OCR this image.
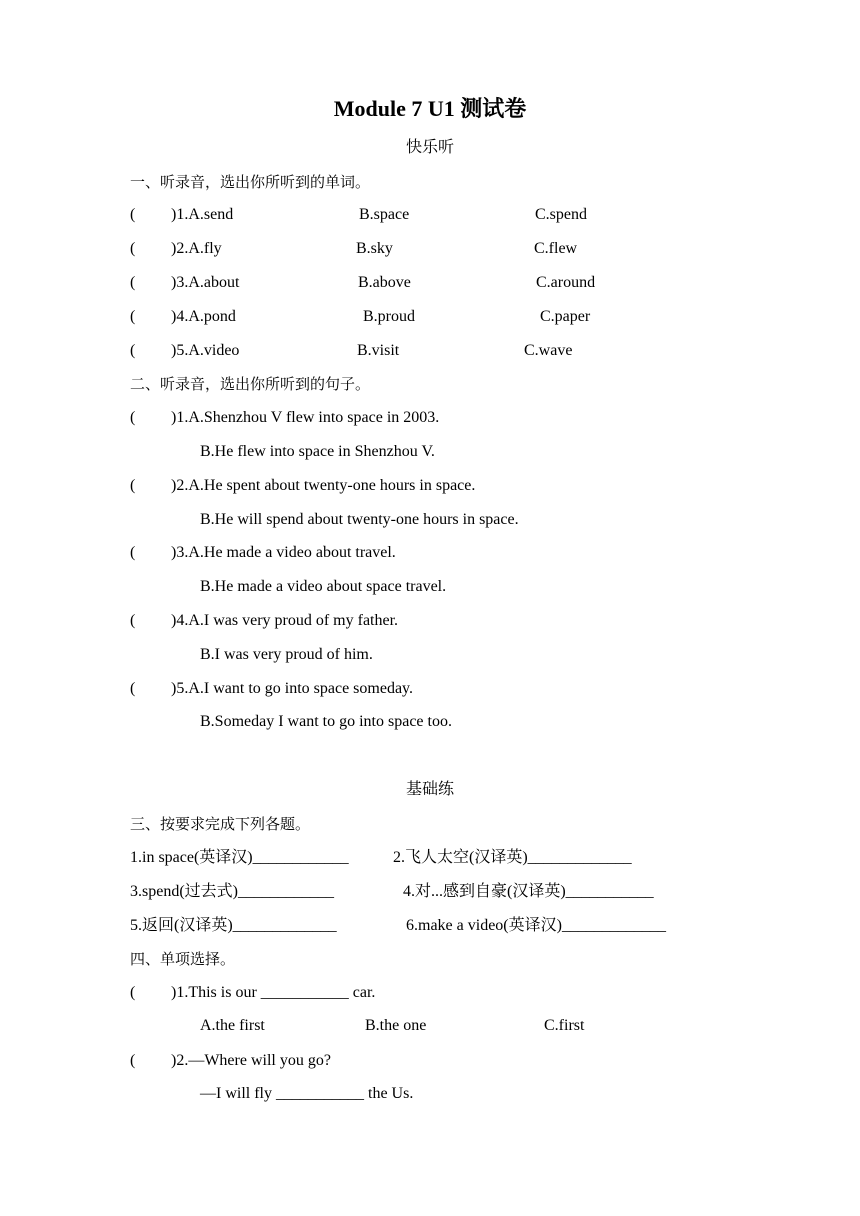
Module 7 U1 测试卷
快乐听
一、听录音，选出你所听到的单词。
( )1.A.send	B.space	C.spend
( )2.A.fly	B.sky	C.flew
( )3.A.about	B.above	C.around
( )4.A.pond	B.proud	C.paper
( )5.A.video	B.visit	C.wave
二、听录音，选出你所听到的句子。
( )1.A.Shenzhou V flew into space in 2003.
B.He flew into space in Shenzhou V.
( )2.A.He spent about twenty-one hours in space.
B.He will spend about twenty-one hours in space.
( )3.A.He made a video about travel.
B.He made a video about space travel.
( )4.A.I was very proud of my father.
B.I was very proud of him.
( )5.A.I want to go into space someday.
B.Someday I want to go into space too.
基础练
三、按要求完成下列各题。
1.in space(英译汉)____________	2.飞人太空(汉译英)_____________
3.spend(过去式)____________	4.对...感到自豪(汉译英)___________
5.返回(汉译英)_____________	6.make a video(英译汉)_____________
四、单项选择。
( )1.This is our ___________ car.
A.the first	B.the one	C.first
( )2.—Where will you go?
—I will fly ___________ the Us.
